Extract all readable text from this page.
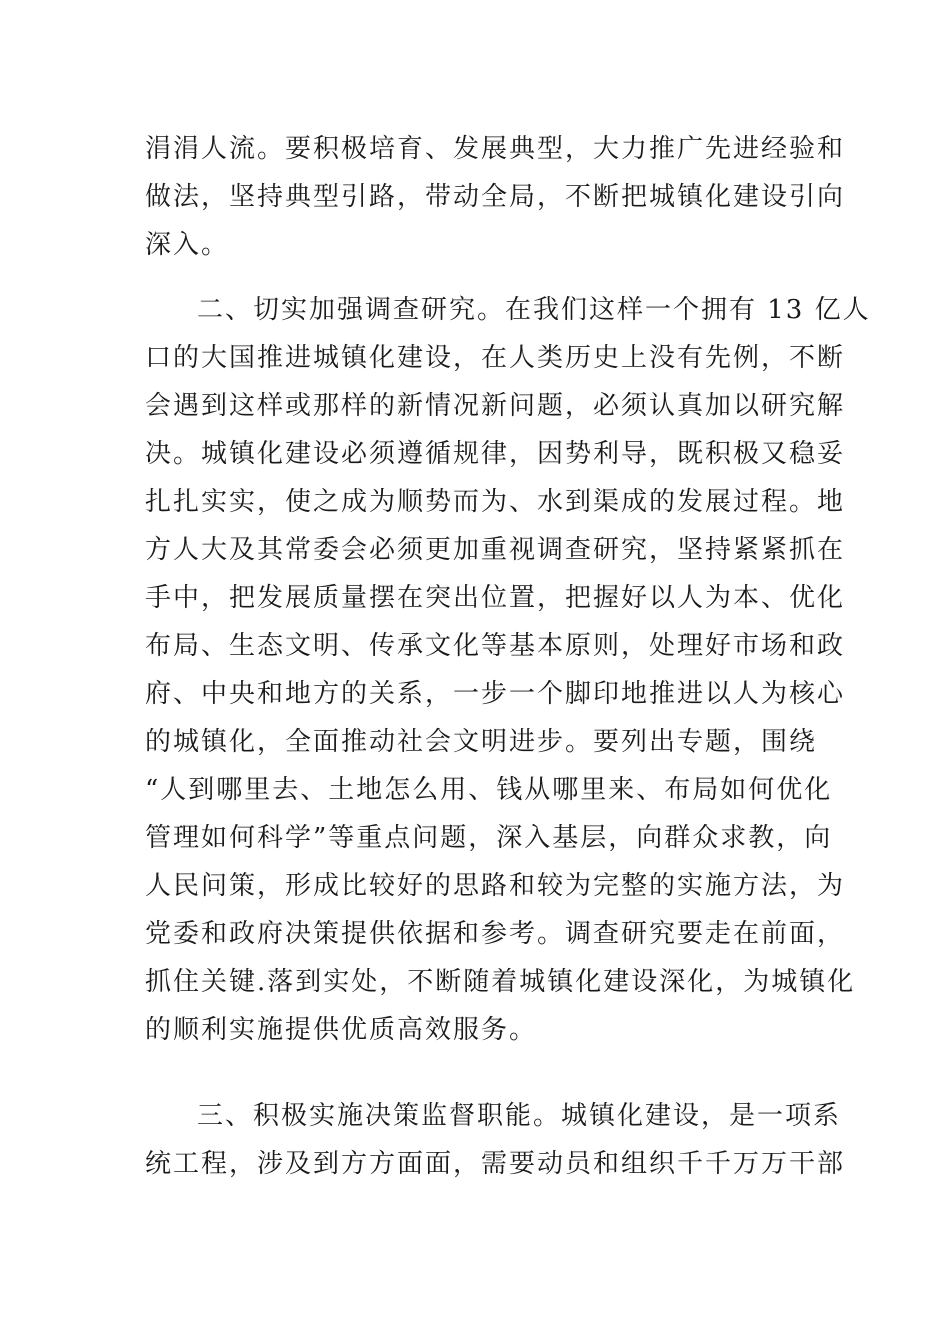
涓涓人流。要积极培育、发展典型，大力推广先进经验和
做法，坚持典型引路，带动全局，不断把城镇化建设引向
深入。
二、切实加强调查研究。在我们这样一个拥有 13 亿人
口的大国推进城镇化建设，在人类历史上没有先例，不断
会遇到这样或那样的新情况新问题，必须认真加以研究解
决。城镇化建设必须遵循规律，因势利导，既积极又稳妥
扎扎实实，使之成为顺势而为、水到渠成的发展过程。地
方人大及其常委会必须更加重视调查研究，坚持紧紧抓在
手中，把发展质量摆在突出位置，把握好以人为本、优化
布局、生态文明、传承文化等基本原则，处理好市场和政
府、中央和地方的关系，一步一个脚印地推进以人为核心
的城镇化，全面推动社会文明进步。要列出专题，围绕
“人到哪里去、土地怎么用、钱从哪里来、布局如何优化
管理如何科学”等重点问题，深入基层，向群众求教，向
人民问策，形成比较好的思路和较为完整的实施方法，为
党委和政府决策提供依据和参考。调查研究要走在前面，
抓住关键.落到实处，不断随着城镇化建设深化，为城镇化
的顺利实施提供优质高效服务。
三、积极实施决策监督职能。城镇化建设，是一项系
统工程，涉及到方方面面，需要动员和组织千千万万干部
